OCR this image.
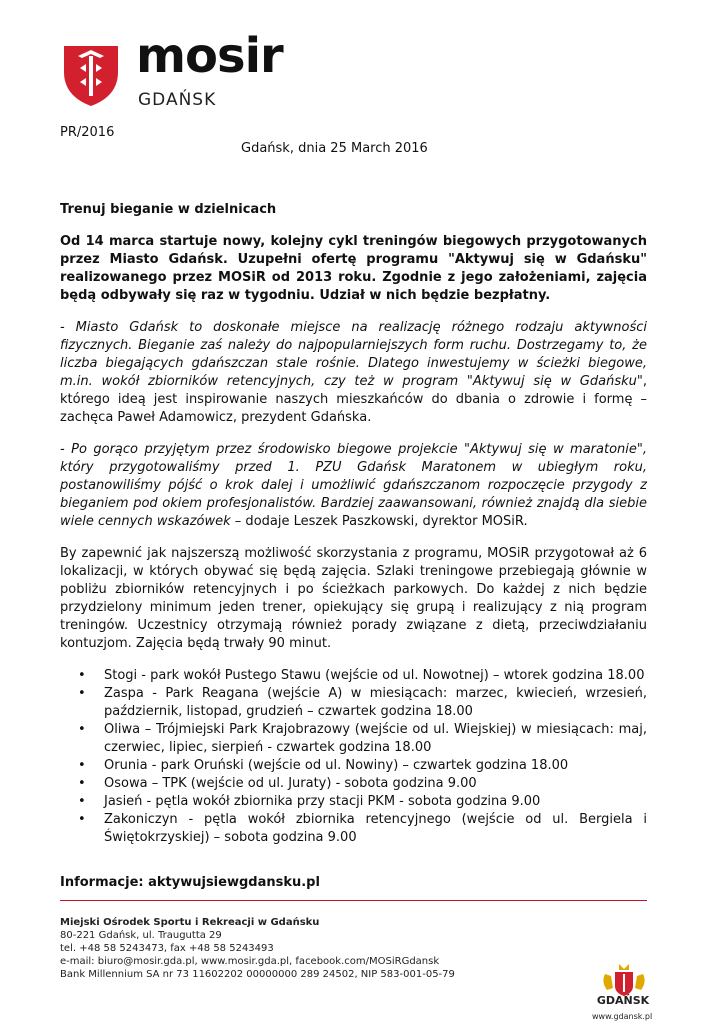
mosir
GDAŃSK
PR/2016
Gdańsk, dnia 25 March 2016
Trenuj bieganie w dzielnicach
Od 14 marca startuje nowy, kolejny cykl treningów biegowych przygotowanych przez Miasto Gdańsk. Uzupełni ofertę programu "Aktywuj się w Gdańsku" realizowanego przez MOSiR od 2013 roku. Zgodnie z jego założeniami, zajęcia będą odbywały się raz w tygodniu. Udział w nich będzie bezpłatny.
- Miasto Gdańsk to doskonałe miejsce na realizację różnego rodzaju aktywności fizycznych. Bieganie zaś należy do najpopularniejszych form ruchu. Dostrzegamy to, że liczba biegających gdańszczan stale rośnie. Dlatego inwestujemy w ścieżki biegowe, m.in. wokół zbiorników retencyjnych, czy też w program "Aktywuj się w Gdańsku", którego ideą jest inspirowanie naszych mieszkańców do dbania o zdrowie i formę – zachęca Paweł Adamowicz, prezydent Gdańska.
- Po gorąco przyjętym przez środowisko biegowe projekcie "Aktywuj się w maratonie", który przygotowaliśmy przed 1. PZU Gdańsk Maratonem w ubiegłym roku, postanowiliśmy pójść o krok dalej i umożliwić gdańszczanom rozpoczęcie przygody z bieganiem pod okiem profesjonalistów. Bardziej zaawansowani, również znajdą dla siebie wiele cennych wskazówek – dodaje Leszek Paszkowski, dyrektor MOSiR.
By zapewnić jak najszerszą możliwość skorzystania z programu, MOSiR przygotował aż 6 lokalizacji, w których obywać się będą zajęcia. Szlaki treningowe przebiegają głównie w pobliżu zbiorników retencyjnych i po ścieżkach parkowych. Do każdej z nich będzie przydzielony minimum jeden trener, opiekujący się grupą i realizujący z nią program treningów. Uczestnicy otrzymają również porady związane z dietą, przeciwdziałaniu kontuzjom. Zajęcia będą trwały 90 minut.
• Stogi - park wokół Pustego Stawu (wejście od ul. Nowotnej) – wtorek godzina 18.00
• Zaspa - Park Reagana (wejście A) w miesiącach: marzec, kwiecień, wrzesień, październik, listopad, grudzień – czwartek godzina 18.00
• Oliwa – Trójmiejski Park Krajobrazowy (wejście od ul. Wiejskiej) w miesiącach: maj, czerwiec, lipiec, sierpień - czwartek godzina 18.00
• Orunia - park Oruński (wejście od ul. Nowiny) – czwartek godzina 18.00
• Osowa – TPK (wejście od ul. Juraty) - sobota godzina 9.00
• Jasień - pętla wokół zbiornika przy stacji PKM - sobota godzina 9.00
• Zakoniczyn - pętla wokół zbiornika retencyjnego (wejście od ul. Bergiela i Świętokrzyskiej) – sobota godzina 9.00
Informacje: aktywujsiewgdansku.pl
Miejski Ośrodek Sportu i Rekreacji w Gdańsku
80-221 Gdańsk, ul. Traugutta 29
tel. +48 58 5243473, fax +48 58 5243493
e-mail: biuro@mosir.gda.pl, www.mosir.gda.pl, facebook.com/MOSiRGdansk
Bank Millennium SA nr 73 11602202 00000000 289 24502, NIP 583-001-05-79
GDAŃSK
www.gdansk.pl
